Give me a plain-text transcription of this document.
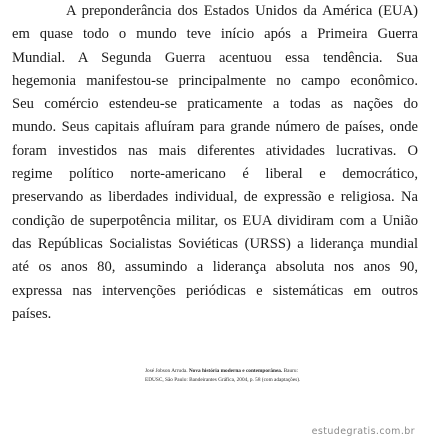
A preponderância dos Estados Unidos da América (EUA)
em quase todo o mundo teve início após a Primeira Guerra
Mundial. A Segunda Guerra acentuou essa tendência. Sua
hegemonia manifestou-se principalmente no campo econômico.
Seu comércio estendeu-se praticamente a todas as nações do
mundo. Seus capitais afluíram para grande número de países, onde
foram investidos nas mais diferentes atividades lucrativas. O
regime político norte-americano é liberal e democrático,
preservando as liberdades individual, de expressão e religiosa. Na
condição de superpotência militar, os EUA dividiram com a União
das Repúblicas Socialistas Soviéticas (URSS) a liderança mundial
até os anos 80, assumindo a liderança absoluta nos anos 90,
expressa nas intervenções periódicas e sistemáticas em outros
países.
José Jobson Arruda. Nova história moderna e contemporânea. Bauru:
EDUSC, São Paulo: Bandeirantes Gráfica, 2004, p. 58 (com adaptações).
estudegratis.com.br
